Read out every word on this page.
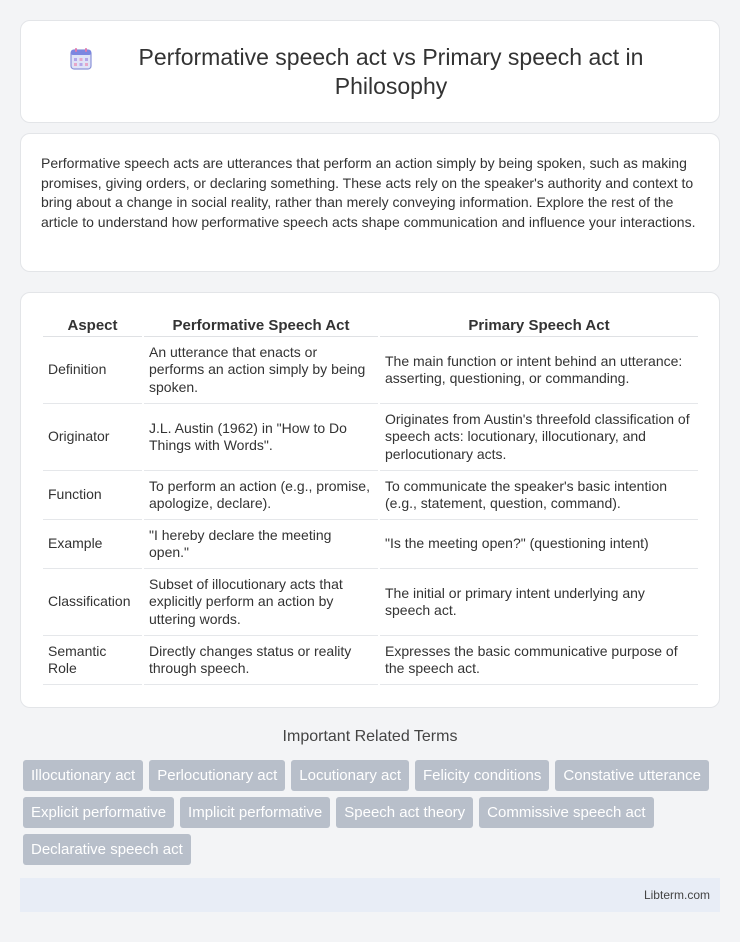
Performative speech act vs Primary speech act in Philosophy

Performative speech acts are utterances that perform an action simply by being spoken, such as making promises, giving orders, or declaring something. These acts rely on the speaker's authority and context to bring about a change in social reality, rather than merely conveying information. Explore the rest of the article to understand how performative speech acts shape communication and influence your interactions.

Aspect	Performative Speech Act	Primary Speech Act
Definition	An utterance that enacts or performs an action simply by being spoken.	The main function or intent behind an utterance: asserting, questioning, or commanding.
Originator	J.L. Austin (1962) in "How to Do Things with Words".	Originates from Austin's threefold classification of speech acts: locutionary, illocutionary, and perlocutionary acts.
Function	To perform an action (e.g., promise, apologize, declare).	To communicate the speaker's basic intention (e.g., statement, question, command).
Example	"I hereby declare the meeting open."	"Is the meeting open?" (questioning intent)
Classification	Subset of illocutionary acts that explicitly perform an action by uttering words.	The initial or primary intent underlying any speech act.
Semantic Role	Directly changes status or reality through speech.	Expresses the basic communicative purpose of the speech act.
Important Related Terms
Illocutionary act	Perlocutionary act	Locutionary act	Felicity conditions	Constative utterance
Explicit performative	Implicit performative	Speech act theory	Commissive speech act
Declarative speech act
Libterm.com
